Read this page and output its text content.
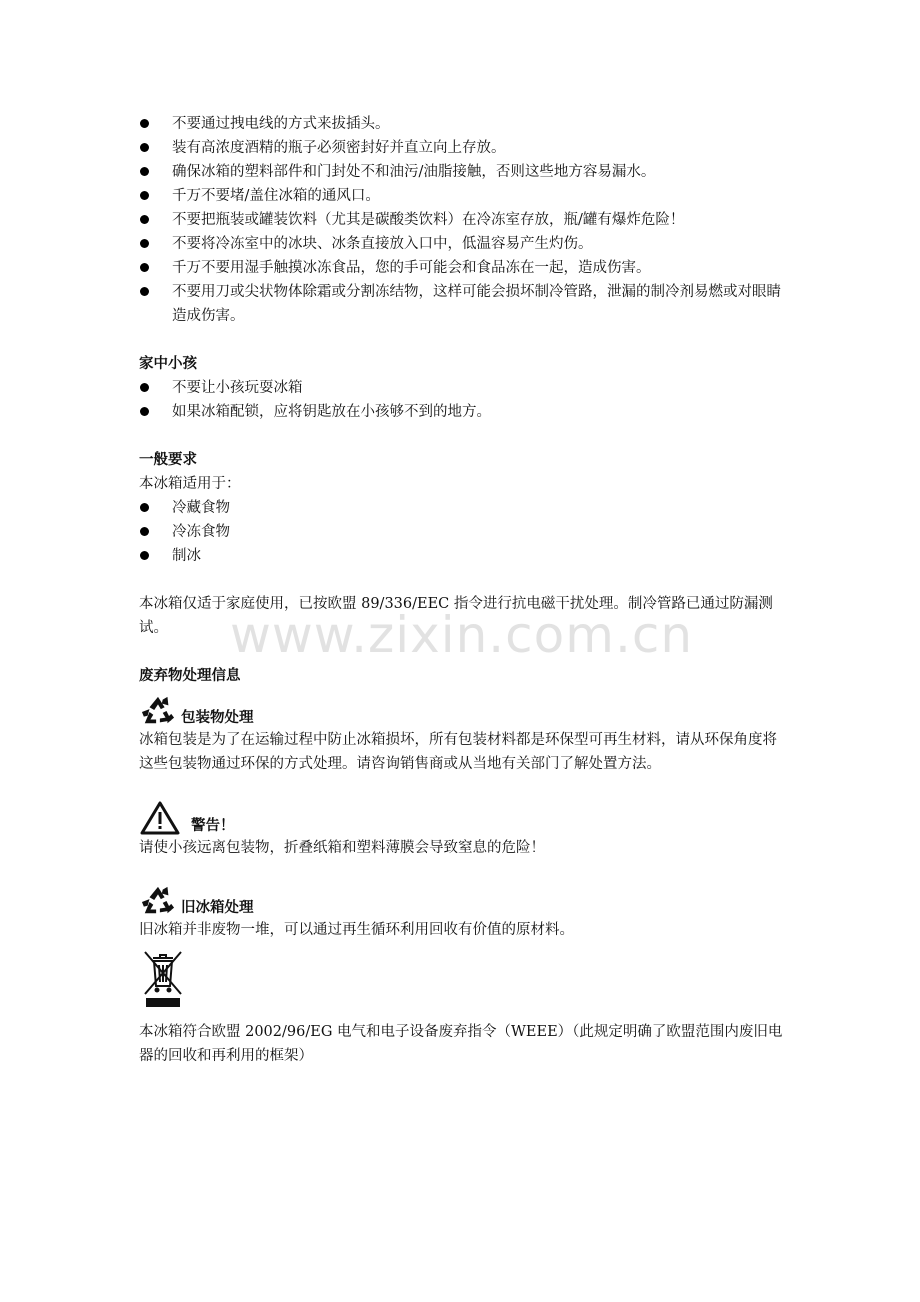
不要通过拽电线的方式来拔插头。
装有高浓度酒精的瓶子必须密封好并直立向上存放。
确保冰箱的塑料部件和门封处不和油污/油脂接触，否则这些地方容易漏水。
千万不要堵/盖住冰箱的通风口。
不要把瓶装或罐装饮料（尤其是碳酸类饮料）在冷冻室存放，瓶/罐有爆炸危险！
不要将冷冻室中的冰块、冰条直接放入口中，低温容易产生灼伤。
千万不要用湿手触摸冰冻食品，您的手可能会和食品冻在一起，造成伤害。
不要用刀或尖状物体除霜或分割冻结物，这样可能会损坏制冷管路，泄漏的制冷剂易燃或对眼睛造成伤害。

家中小孩

不要让小孩玩耍冰箱
如果冰箱配锁，应将钥匙放在小孩够不到的地方。

一般要求

本冰箱适用于：

冷藏食物
冷冻食物
制冰

本冰箱仅适于家庭使用，已按欧盟 89/336/EEC 指令进行抗电磁干扰处理。制冷管路已通过防漏测试。

废弃物处理信息

包装物处理

冰箱包装是为了在运输过程中防止冰箱损坏，所有包装材料都是环保型可再生材料，请从环保角度将这些包装物通过环保的方式处理。请咨询销售商或从当地有关部门了解处置方法。

警告！

请使小孩远离包装物，折叠纸箱和塑料薄膜会导致窒息的危险！

旧冰箱处理

旧冰箱并非废物一堆，可以通过再生循环利用回收有价值的原材料。

本冰箱符合欧盟 2002/96/EG 电气和电子设备废弃指令（WEEE）（此规定明确了欧盟范围内废旧电器的回收和再利用的框架）

www.zixin.com.cn
